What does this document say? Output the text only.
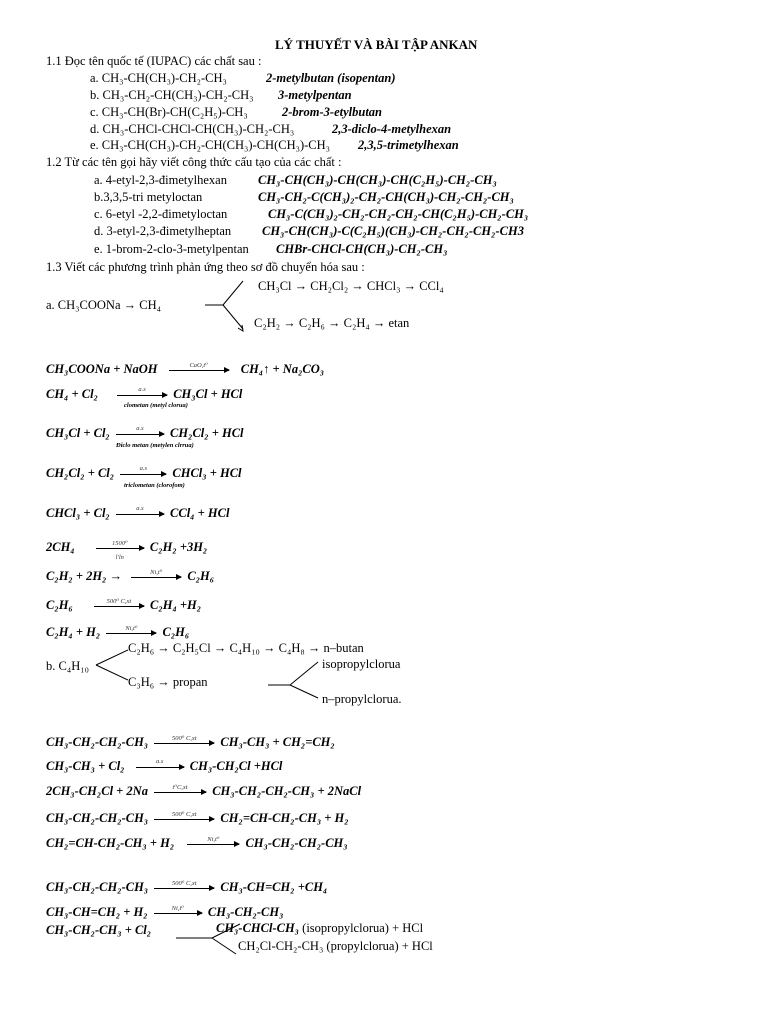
LÝ THUYẾT VÀ BÀI TẬP ANKAN
1.1 Đọc tên quốc tế (IUPAC) các chất sau :
a. CH₃-CH(CH₃)-CH₂-CH₃	2-metylbutan (isopentan)
b. CH₃-CH₂-CH(CH₃)-CH₂-CH₃ 3-metylpentan
c. CH₃-CH(Br)-CH(C₂H₅)-CH₃	2-brom-3-etylbutan
d. CH₃-CHCl-CHCl-CH(CH₃)-CH₂-CH₃	2,3-diclo-4-metylhexan
e. CH₃-CH(CH₃)-CH₂-CH(CH₃)-CH(CH₃)-CH₃ 2,3,5-trimetylhexan
1.2 Từ các tên gọi hãy viết công thức cấu tạo của các chất :
a. 4-etyl-2,3-đimetylhexan CH₃-CH(CH₃)-CH(CH₃)-CH(C₂H₅)-CH₂-CH₃
b.3,3,5-tri metyloctan	CH₃-CH₂-C(CH₃)₂-CH₂-CH(CH₃)-CH₂-CH₂-CH₃
c. 6-etyl -2,2-đimetyloctan	CH₃-C(CH₃)₂-CH₂-CH₂-CH₂-CH(C₂H₅)-CH₂-CH₃
d. 3-etyl-2,3-đimetylheptan CH₃-CH(CH₃)-C(C₂H₅)(CH₃)-CH₂-CH₂-CH₂-CH3
e. 1-brom-2-clo-3-metylpentan CHBr-CHCl-CH(CH₃)-CH₂-CH₃
1.3 Viết các phương trình phản ứng theo sơ đồ chuyển hóa sau :
CH₃Cl → CH₂Cl₂ → CHCl₃ → CCl₄
a. CH₃COONa → CH₄
C₂H₂ → C₂H₆ → C₂H₄ → etan
CH₃COONa + NaOH	CaO,t⁰	CH₄↑ + Na₂CO₃
CH₄ + Cl₂	a.s	CH₃Cl + HCl
clometan (metyl clorua)
CH₃Cl + Cl₂	a.s	CH₂Cl₂ + HCl
Điclo metan (metylen clrrua)
CH₂Cl₂ + Cl₂	a.s	CHCl₃ + HCl
triclometan (clorofom)
CHCl₃ + Cl₂	a.s	CCl₄ + HCl
2CH₄	$\frac{\text{1500⁰}}{l'\ln} C_2H_2 +3H_2$
C₂H₂ + 2H₂ →	Ni,t⁰	C₂H₆
C₂H₆	500⁰ C,xt	C₂H₄ +H₂
C₂H₄ + H₂	Ni,t⁰	C₂H₆
C₂H₆ → C₂H₅Cl → C₄H₁₀ → C₄H₈ → n–butan
isopropylclorua
b. C₄H₁₀
C₃H₆ → propan
n–propylclorua.
CH₃-CH₂-CH₂-CH₃	500⁰ C,xt	CH₃-CH₃ + CH₂=CH₂
CH₃-CH₃ + Cl₂	a.s	CH₃-CH₂Cl +HCl
2CH₃-CH₂Cl + 2Na	t⁰C,xt	CH₃-CH₂-CH₂-CH₃ + 2NaCl
CH₃-CH₂-CH₂-CH₃	500⁰ C,xt	CH₂=CH-CH₂-CH₃ + H₂
CH₂=CH-CH₂-CH₃ + H₂	Ni,t⁰	CH₃-CH₂-CH₂-CH₃
CH₃-CH₂-CH₂-CH₃	500⁰ C,xt	CH₃-CH=CH₂ +CH₄
CH₃-CH=CH₂ + H₂	Ni,t⁰	CH₃-CH₂-CH₃
CH₃-CH₂-CH₃ + Cl₂	CH₃-CHCl-CH₃ (isopropylclorua) + HCl
CH₂Cl-CH₂-CH₃ (propylclorua) + HCl
